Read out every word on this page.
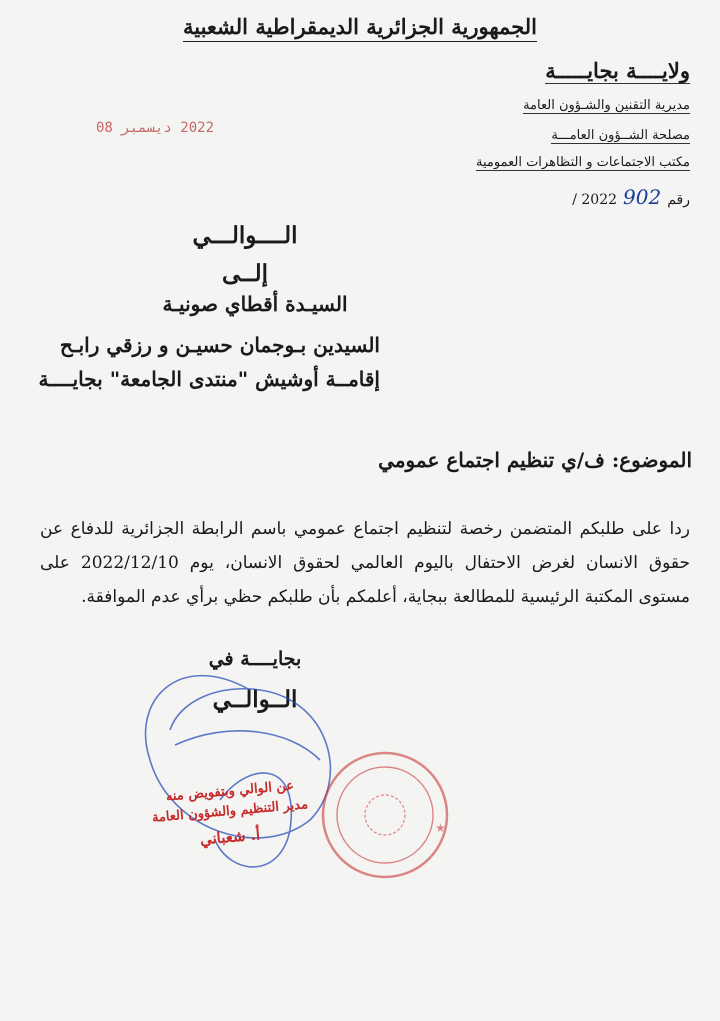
الجمهورية الجزائرية الديمقراطية الشعبية
ولايــــة بجايـــــة
مديرية التقنين والشـؤون العامة
مصلحة الشــؤون العامـــة
مكتب الاجتماعات و التظاهرات العمومية
رقم
902
2022 /
2022 ديسمبر 08
الــــوالـــي
إلــى
السيـدة أقطاي صونيـة
السيدين بـوجمان حسيـن و رزقي رابـح
إقامــة أوشيش "منتدى الجامعة" بجايــــة
الموضوع: ف/ي تنظيم اجتماع عمومي
ردا على طلبكم المتضمن رخصة لتنظيم اجتماع عمومي باسم الرابطة الجزائرية للدفاع عن حقوق الانسان لغرض الاحتفال باليوم العالمي لحقوق الانسان، يوم 2022/12/10 على مستوى المكتبة الرئيسية للمطالعة ببجاية، أعلمكم بأن طلبكم حظي برأي عدم الموافقة.
بجايــــة في
الــوالــي
★
عن الوالي وبتفويض منه
مدير التنظيم والشؤون العامة
أ. شعباني
